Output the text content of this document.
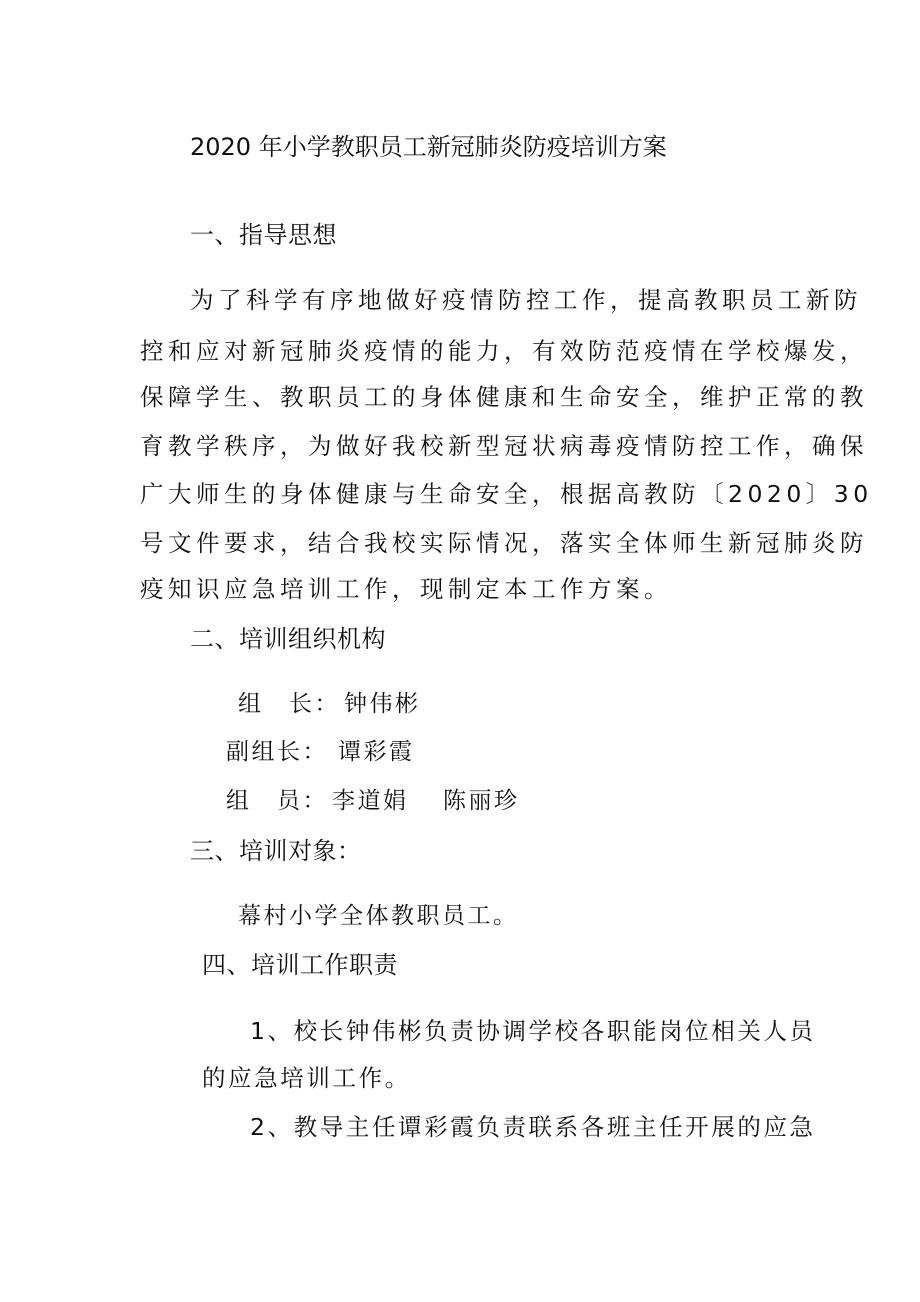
2020 年小学教职员工新冠肺炎防疫培训方案
一、指导思想
为了科学有序地做好疫情防控工作，提高教职员工新防
控和应对新冠肺炎疫情的能力，有效防范疫情在学校爆发，
保障学生、教职员工的身体健康和生命安全，维护正常的教
育教学秩序，为做好我校新型冠状病毒疫情防控工作，确保
广大师生的身体健康与生命安全，根据高教防〔2020〕30
号文件要求，结合我校实际情况，落实全体师生新冠肺炎防
疫知识应急培训工作，现制定本工作方案。
二、培训组织机构
组　长： 钟伟彬
副组长： 谭彩霞
组　员： 李道娟 陈丽珍
三、培训对象：
幕村小学全体教职员工。
四、培训工作职责
1、校长钟伟彬负责协调学校各职能岗位相关人员
的应急培训工作。
2、教导主任谭彩霞负责联系各班主任开展的应急
